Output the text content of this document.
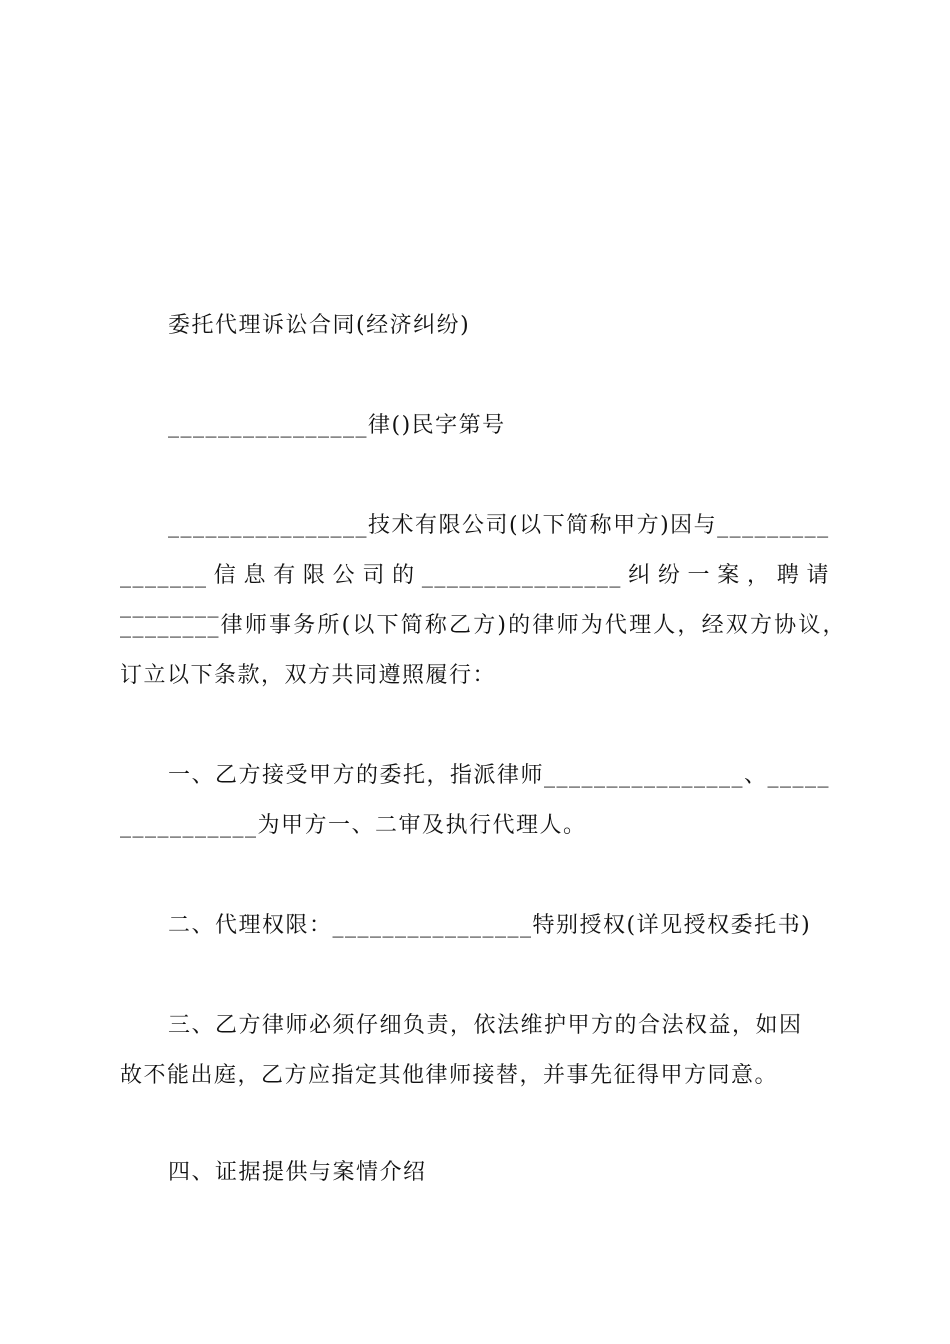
委托代理诉讼合同(经济纠纷)
________________律()民字第号
________________技术有限公司(以下简称甲方)因与_________
_______信息有限公司的________________纠纷一案，聘请________
________律师事务所(以下简称乙方)的律师为代理人，经双方协议，
订立以下条款，双方共同遵照履行：
一、乙方接受甲方的委托，指派律师________________、_____
___________为甲方一、二审及执行代理人。
二、代理权限：________________特别授权(详见授权委托书)
三、乙方律师必须仔细负责，依法维护甲方的合法权益，如因
故不能出庭，乙方应指定其他律师接替，并事先征得甲方同意。
四、证据提供与案情介绍
